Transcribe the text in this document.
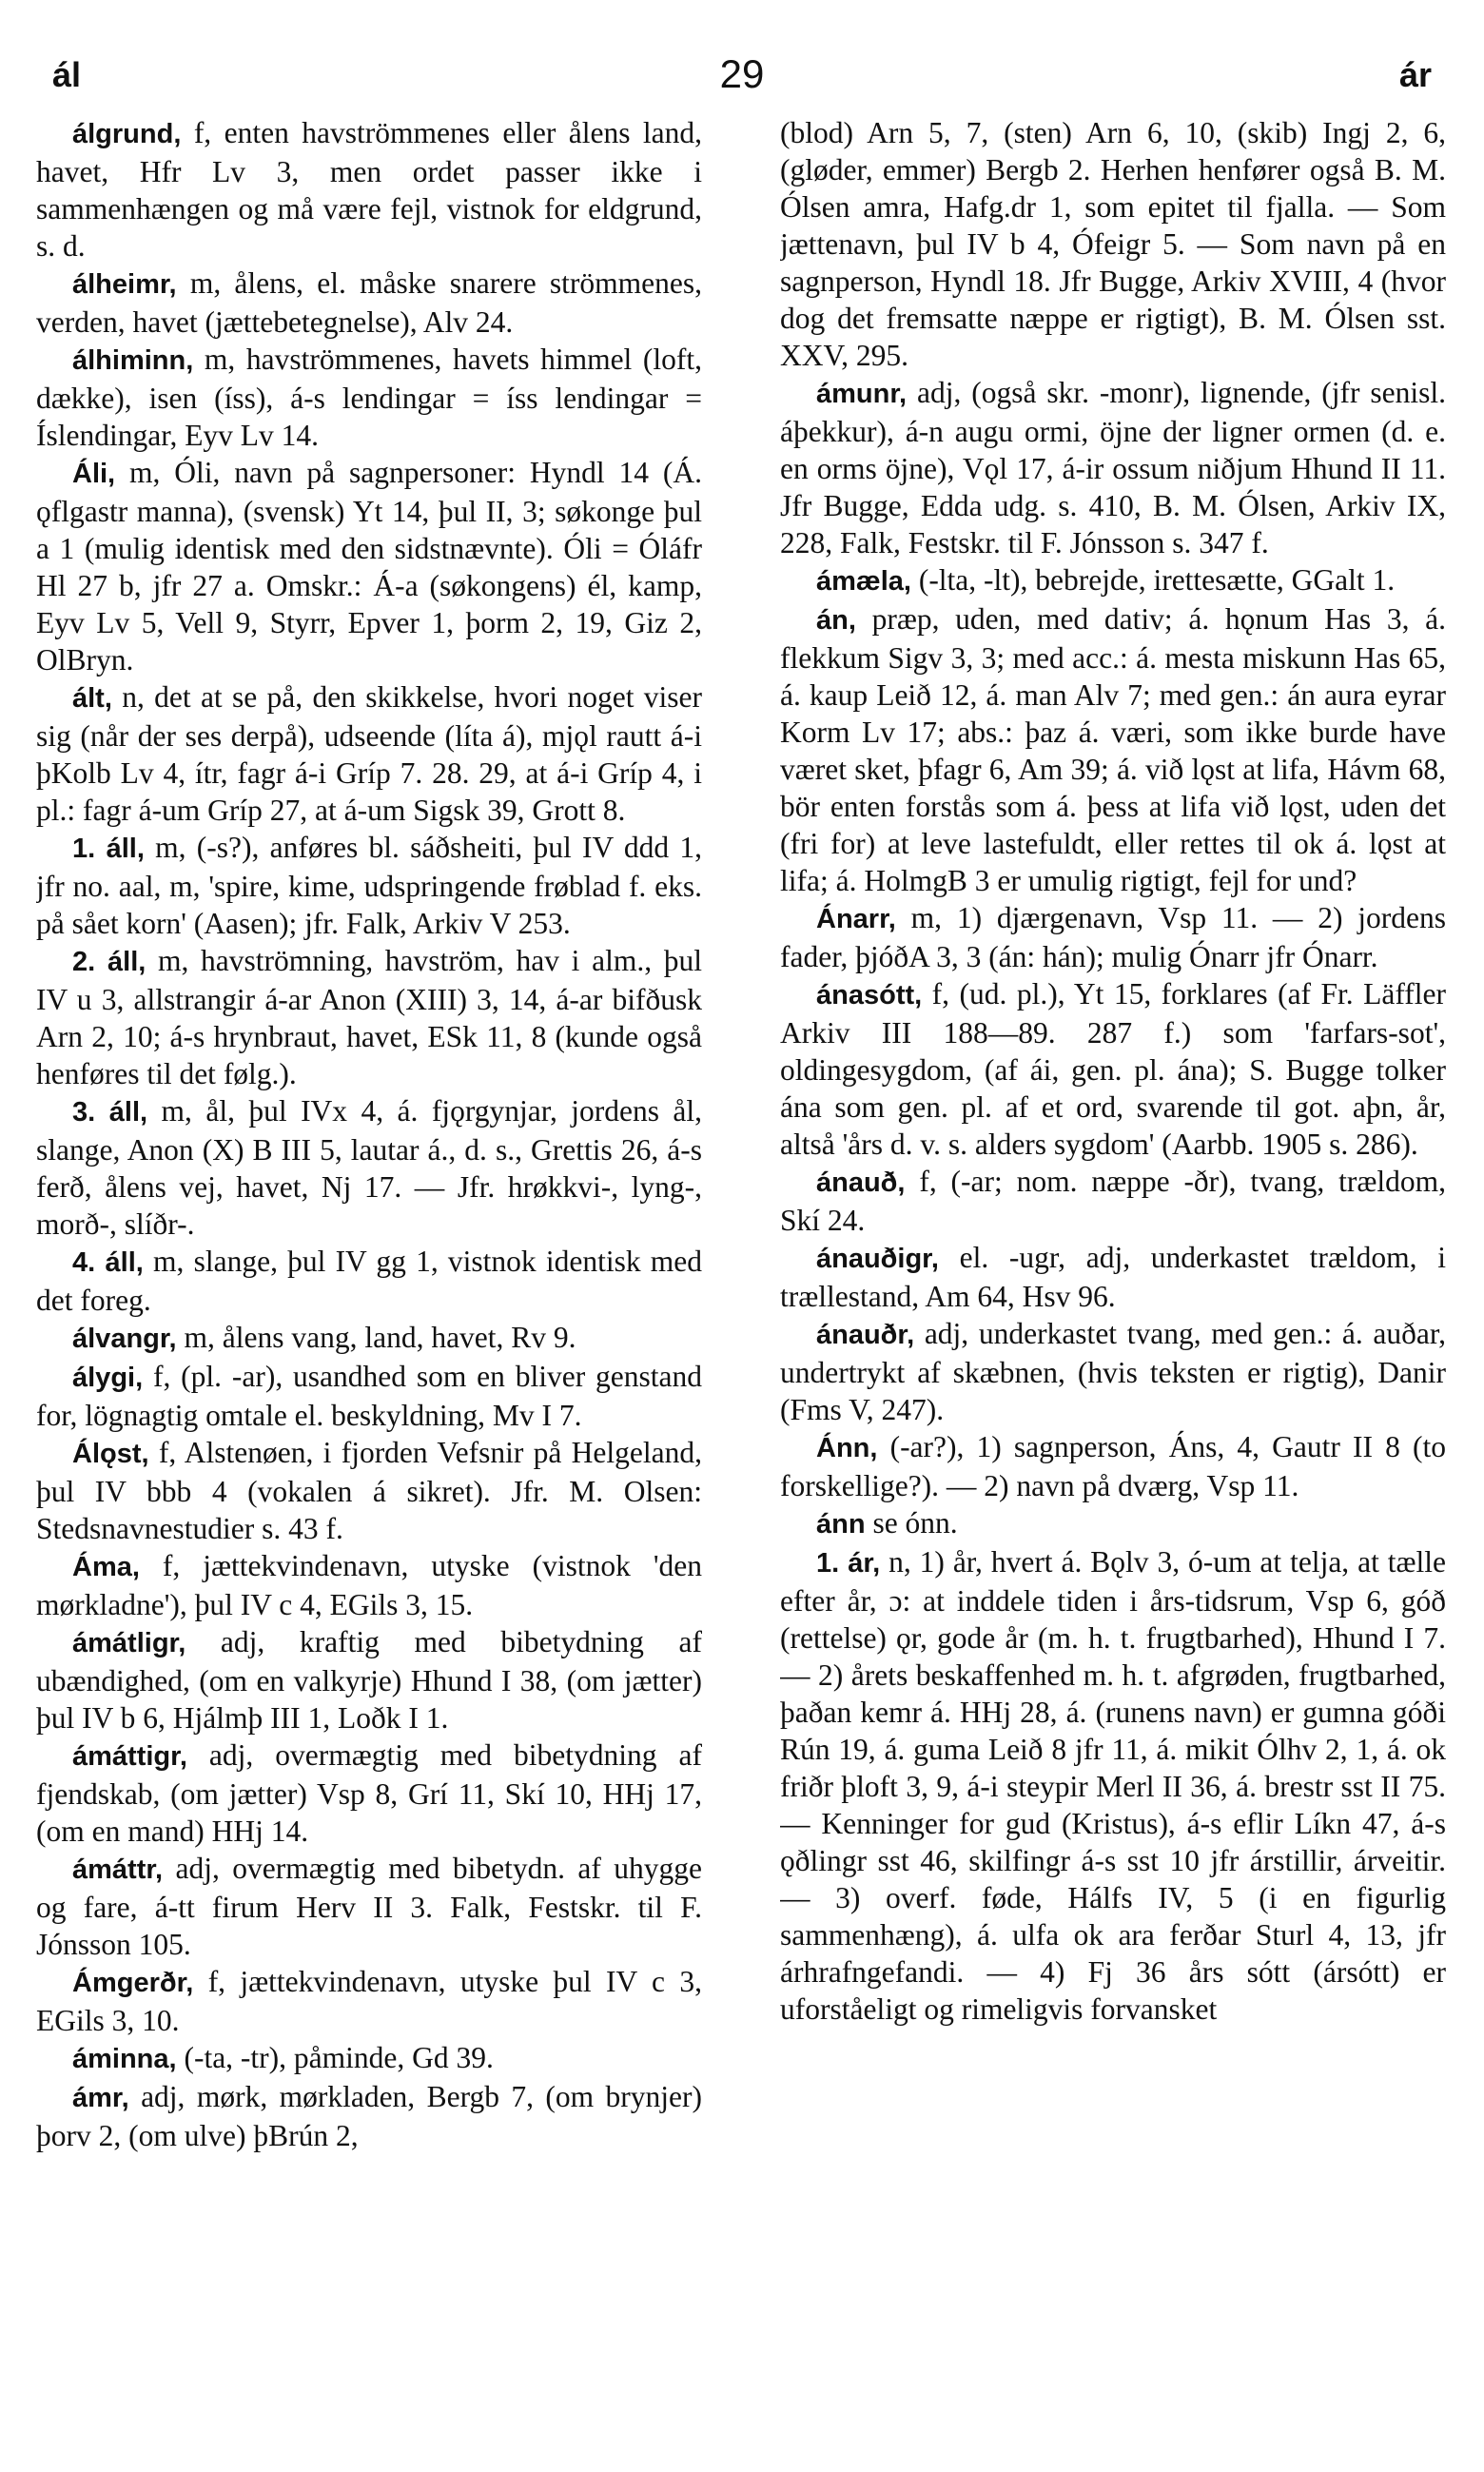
ál	29	ár

álgrund, f, enten havströmmenes eller ålens land, havet, Hfr Lv 3, men ordet passer ikke i sammenhængen og må være fejl, vistnok for eldgrund, s. d.

álheimr, m, ålens, el. måske snarere strömmenes, verden, havet (jættebetegnelse), Alv 24.

álhiminn, m, havströmmenes, havets himmel (loft, dække), isen (íss), á-s lendingar = íss lendingar = Íslendingar, Eyv Lv 14.

Áli, m, Óli, navn på sagnpersoner: Hyndl 14 (Á. ǫflgastr manna), (svensk) Yt 14, þul II, 3; søkonge þul a 1 (mulig identisk med den sidstnævnte). Óli = Óláfr Hl 27 b, jfr 27 a. Omskr.: Á-a (søkongens) él, kamp, Eyv Lv 5, Vell 9, Styrr, Epver 1, þorm 2, 19, Giz 2, OlBryn.

ált, n, det at se på, den skikkelse, hvori noget viser sig (når der ses derpå), udseende (líta á), mjǫl rautt á-i þKolb Lv 4, ítr, fagr á-i Gríp 7. 28. 29, at á-i Gríp 4, i pl.: fagr á-um Gríp 27, at á-um Sigsk 39, Grott 8.

1. áll, m, (-s?), anføres bl. sáðsheiti, þul IV ddd 1, jfr no. aal, m, 'spire, kime, udspringende frøblad f. eks. på sået korn' (Aasen); jfr. Falk, Arkiv V 253.

2. áll, m, havströmning, havström, hav i alm., þul IV u 3, allstrangir á-ar Anon (XIII) 3, 14, á-ar bifðusk Arn 2, 10; á-s hrynbraut, havet, ESk 11, 8 (kunde også henføres til det følg.).

3. áll, m, ål, þul IVx 4, á. fjǫrgynjar, jordens ål, slange, Anon (X) B III 5, lautar á., d. s., Grettis 26, á-s ferð, ålens vej, havet, Nj 17. — Jfr. hrøkkvi-, lyng-, morð-, slíðr-.

4. áll, m, slange, þul IV gg 1, vistnok identisk med det foreg.

álvangr, m, ålens vang, land, havet, Rv 9.

álygi, f, (pl. -ar), usandhed som en bliver genstand for, lögnagtig omtale el. beskyldning, Mv I 7.

Álǫst, f, Alstenøen, i fjorden Vefsnir på Helgeland, þul IV bbb 4 (vokalen á sikret). Jfr. M. Olsen: Stedsnavnestudier s. 43 f.

Áma, f, jættekvindenavn, utyske (vistnok 'den mørkladne'), þul IV c 4, EGils 3, 15.

ámátligr, adj, kraftig med bibetydning af ubændighed, (om en valkyrje) Hhund I 38, (om jætter) þul IV b 6, Hjálmþ III 1, Loðk I 1.

ámáttigr, adj, overmægtig med bibetydning af fjendskab, (om jætter) Vsp 8, Grí 11, Skí 10, HHj 17, (om en mand) HHj 14.

ámáttr, adj, overmægtig med bibetydn. af uhygge og fare, á-tt firum Herv II 3. Falk, Festskr. til F. Jónsson 105.

Ámgerðr, f, jættekvindenavn, utyske þul IV c 3, EGils 3, 10.

áminna, (-ta, -tr), påminde, Gd 39.

ámr, adj, mørk, mørkladen, Bergb 7, (om brynjer) þorv 2, (om ulve) þBrún 2,

(blod) Arn 5, 7, (sten) Arn 6, 10, (skib) Ingj 2, 6, (gløder, emmer) Bergb 2. Herhen henfører også B. M. Ólsen amra, Hafg.dr 1, som epitet til fjalla. — Som jættenavn, þul IV b 4, Ófeigr 5. — Som navn på en sagnperson, Hyndl 18. Jfr Bugge, Arkiv XVIII, 4 (hvor dog det fremsatte næppe er rigtigt), B. M. Ólsen sst. XXV, 295.

ámunr, adj, (også skr. -monr), lignende, (jfr senisl. áþekkur), á-n augu ormi, öjne der ligner ormen (d. e. en orms öjne), Vǫl 17, á-ir ossum niðjum Hhund II 11. Jfr Bugge, Edda udg. s. 410, B. M. Ólsen, Arkiv IX, 228, Falk, Festskr. til F. Jónsson s. 347 f.

ámæla, (-lta, -lt), bebrejde, irettesætte, GGalt 1.

án, præp, uden, med dativ; á. hǫnum Has 3, á. flekkum Sigv 3, 3; med acc.: á. mesta miskunn Has 65, á. kaup Leið 12, á. man Alv 7; med gen.: án aura eyrar Korm Lv 17; abs.: þaz á. væri, som ikke burde have været sket, þfagr 6, Am 39; á. við lǫst at lifa, Hávm 68, bör enten forstås som á. þess at lifa við lǫst, uden det (fri for) at leve lastefuldt, eller rettes til ok á. lǫst at lifa; á. HolmgB 3 er umulig rigtigt, fejl for und?

Ánarr, m, 1) djærgenavn, Vsp 11. — 2) jordens fader, þjóðA 3, 3 (án: hán); mulig Ónarr jfr Ónarr.

ánasótt, f, (ud. pl.), Yt 15, forklares (af Fr. Läffler Arkiv III 188—89. 287 f.) som 'farfars-sot', oldingesygdom, (af ái, gen. pl. ána); S. Bugge tolker ána som gen. pl. af et ord, svarende til got. aþn, år, altså 'års d. v. s. alders sygdom' (Aarbb. 1905 s. 286).

ánauð, f, (-ar; nom. næppe -ðr), tvang, trældom, Skí 24.

ánauðigr, el. -ugr, adj, underkastet trældom, i trællestand, Am 64, Hsv 96.

ánauðr, adj, underkastet tvang, med gen.: á. auðar, undertrykt af skæbnen, (hvis teksten er rigtig), Danir (Fms V, 247).

Ánn, (-ar?), 1) sagnperson, Áns, 4, Gautr II 8 (to forskellige?). — 2) navn på dværg, Vsp 11.

ánn se ónn.

1. ár, n, 1) år, hvert á. Bǫlv 3, ó-um at telja, at tælle efter år, ɔ: at inddele tiden i års-tidsrum, Vsp 6, góð (rettelse) ǫr, gode år (m. h. t. frugtbarhed), Hhund I 7. — 2) årets beskaffenhed m. h. t. afgrøden, frugtbarhed, þaðan kemr á. HHj 28, á. (runens navn) er gumna góði Rún 19, á. guma Leið 8 jfr 11, á. mikit Ólhv 2, 1, á. ok friðr þloft 3, 9, á-i steypir Merl II 36, á. brestr sst II 75. — Kenninger for gud (Kristus), á-s eflir Líkn 47, á-s ǫðlingr sst 46, skilfingr á-s sst 10 jfr árstillir, árveitir. — 3) overf. føde, Hálfs IV, 5 (i en figurlig sammenhæng), á. ulfa ok ara ferðar Sturl 4, 13, jfr árhrafngefandi. — 4) Fj 36 års sótt (ársótt) er uforståeligt og rimeligvis forvansket
